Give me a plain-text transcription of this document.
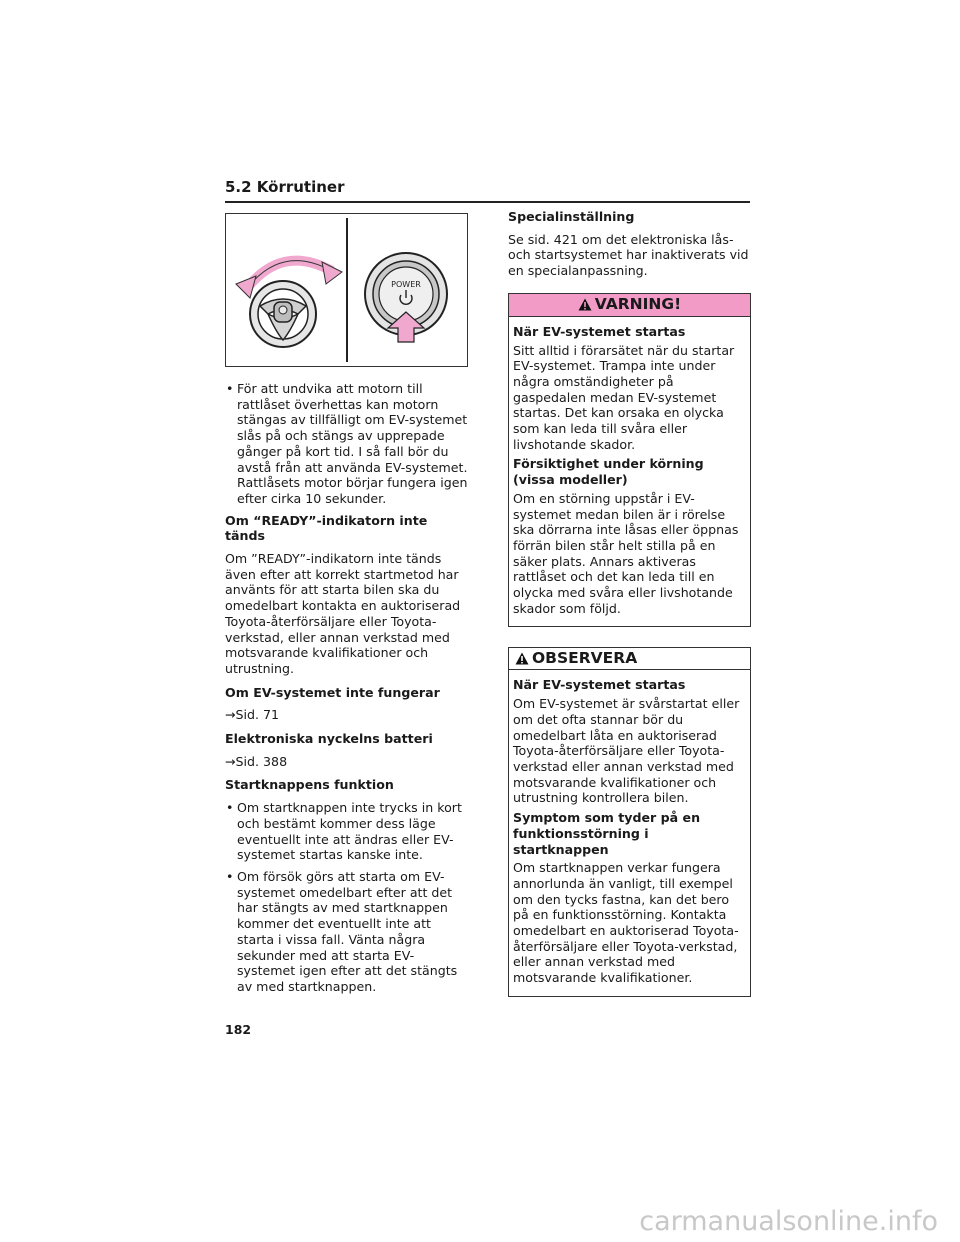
5.2 Körrutiner
POWER
• För att undvika att motorn till rattlåset överhettas kan motorn stängas av tillfälligt om EV-systemet slås på och stängs av upprepade gånger på kort tid. I så fall bör du avstå från att använda EV-systemet. Rattlåsets motor börjar fungera igen efter cirka 10 sekunder.

Om “READY”-indikatorn inte tänds

Om ”READY”-indikatorn inte tänds även efter att korrekt startmetod har använts för att starta bilen ska du omedelbart kontakta en auktoriserad Toyota-återförsäljare eller Toyota-verkstad, eller annan verkstad med motsvarande kvalifikationer och utrustning.

Om EV-systemet inte fungerar

→Sid. 71

Elektroniska nyckelns batteri

→Sid. 388

Startknappens funktion

• Om startknappen inte trycks in kort och bestämt kommer dess läge eventuellt inte att ändras eller EV-systemet startas kanske inte.
• Om försök görs att starta om EV-systemet omedelbart efter att det har stängts av med startknappen kommer det eventuellt inte att starta i vissa fall. Vänta några sekunder med att starta EV-systemet igen efter att det stängts av med startknappen.

Specialinställning

Se sid. 421 om det elektroniska lås- och startsystemet har inaktiverats vid en specialanpassning.

VARNING!

När EV-systemet startas

Sitt alltid i förarsätet när du startar EV-systemet. Trampa inte under några omständigheter på gaspedalen medan EV-systemet startas. Det kan orsaka en olycka som kan leda till svåra eller livshotande skador.

Försiktighet under körning (vissa modeller)

Om en störning uppstår i EV-systemet medan bilen är i rörelse ska dörrarna inte låsas eller öppnas förrän bilen står helt stilla på en säker plats. Annars aktiveras rattlåset och det kan leda till en olycka med svåra eller livshotande skador som följd.

OBSERVERA

När EV-systemet startas

Om EV-systemet är svårstartat eller om det ofta stannar bör du omedelbart låta en auktoriserad Toyota-återförsäljare eller Toyota-verkstad eller annan verkstad med motsvarande kvalifikationer och utrustning kontrollera bilen.

Symptom som tyder på en funktionsstörning i startknappen

Om startknappen verkar fungera annorlunda än vanligt, till exempel om den tycks fastna, kan det bero på en funktionsstörning. Kontakta omedelbart en auktoriserad Toyota-återförsäljare eller Toyota-verkstad, eller annan verkstad med motsvarande kvalifikationer.

182
carmanualsonline.info
